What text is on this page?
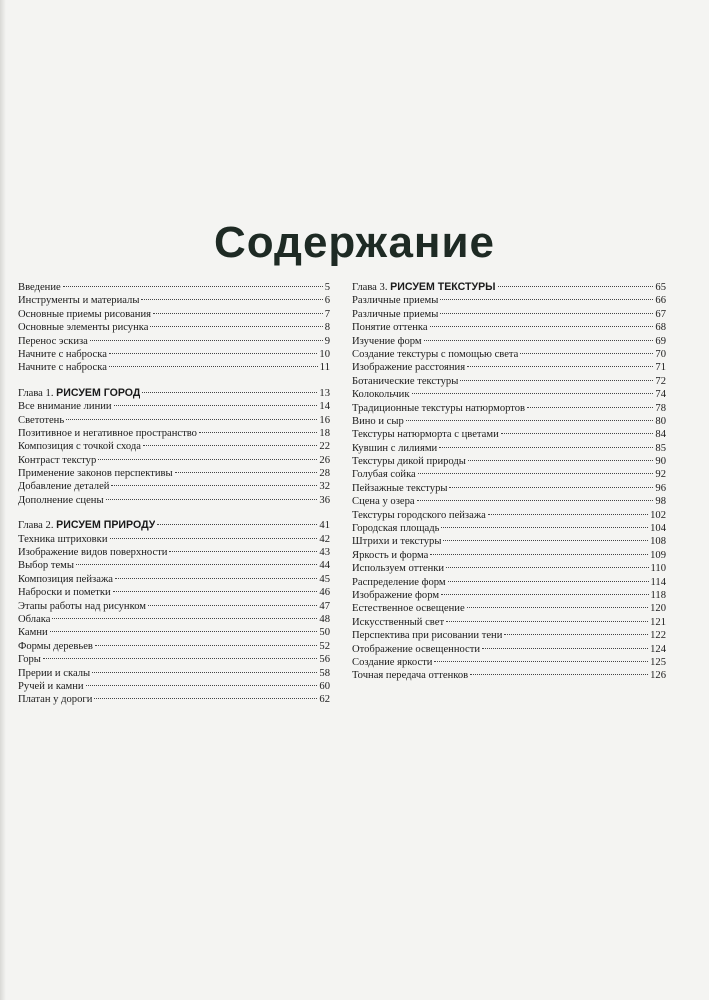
Содержание
Введение	5
Инструменты и материалы	6
Основные приемы рисования	7
Основные элементы рисунка	8
Перенос эскиза	9
Начните с наброска	10
Начните с наброска	11
Глава 1. РИСУЕМ ГОРОД	13
Все внимание линии	14
Светотень	16
Позитивное и негативное пространство	18
Композиция с точкой схода	22
Контраст текстур	26
Применение законов перспективы	28
Добавление деталей	32
Дополнение сцены	36
Глава 2. РИСУЕМ ПРИРОДУ	41
Техника штриховки	42
Изображение видов поверхности	43
Выбор темы	44
Композиция пейзажа	45
Наброски и пометки	46
Этапы работы над рисунком	47
Облака	48
Камни	50
Формы деревьев	52
Горы	56
Прерии и скалы	58
Ручей и камни	60
Платан у дороги	62
Глава 3. РИСУЕМ ТЕКСТУРЫ	65
Различные приемы	66
Различные приемы	67
Понятие оттенка	68
Изучение форм	69
Создание текстуры с помощью света	70
Изображение расстояния	71
Ботанические текстуры	72
Колокольчик	74
Традиционные текстуры натюрмортов	78
Вино и сыр	80
Текстуры натюрморта с цветами	84
Кувшин с лилиями	85
Текстуры дикой природы	90
Голубая сойка	92
Пейзажные текстуры	96
Сцена у озера	98
Текстуры городского пейзажа	102
Городская площадь	104
Штрихи и текстуры	108
Яркость и форма	109
Используем оттенки	110
Распределение форм	114
Изображение форм	118
Естественное освещение	120
Искусственный свет	121
Перспектива при рисовании тени	122
Отображение освещенности	124
Создание яркости	125
Точная передача оттенков	126
